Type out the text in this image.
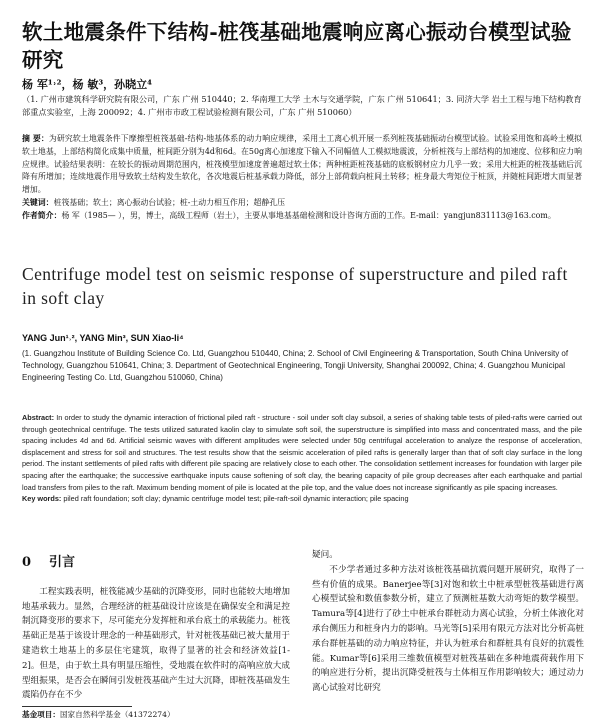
软土地震条件下结构-桩筏基础地震响应离心振动台模型试验研究
杨 军¹˒²，杨 敏³，孙晓立⁴
（1. 广州市建筑科学研究院有限公司，广东 广州 510440；2. 华南理工大学 土木与交通学院，广东 广州 510641；3. 同济大学 岩土工程与地下结构教育部重点实验室，上海 200092；4. 广州市市政工程试验检测有限公司，广东 广州 510060）
摘 要：为研究软土地震条件下摩擦型桩筏基础-结构-地基体系的动力响应规律，采用土工离心机开展一系列桩筏基础振动台模型试验。试验采用饱和高岭土模拟软土地基，上部结构简化成集中质量，桩间距分别为4d和6d。在50g离心加速度下输入不同幅值人工模拟地震波，分析桩筏与上部结构的加速度、位移和应力响应规律。试验结果表明：在较长的振动周期范围内，桩筏模型加速度普遍超过软土体；两种桩距桩筏基础的底板钢材应力几乎一致；采用大桩距的桩筏基础后沉降有所增加；连续地震作用导致软土结构发生软化，各次地震后桩基承载力降低，部分上部荷载向桩间土转移；桩身最大弯矩位于桩顶，并随桩间距增大而显著增加。
关键词：桩筏基础；软土；离心振动台试验；桩-土动力相互作用；超静孔压
作者简介：杨 军（1985— ），男，博士，高级工程师（岩土），主要从事地基基础检测和设计咨询方面的工作。E-mail：yangjun831113@163.com。
Centrifuge model test on seismic response of superstructure and piled raft in soft clay
YANG Jun¹˒², YANG Min³, SUN Xiao-li⁴
(1. Guangzhou Institute of Building Science Co. Ltd, Guangzhou 510440, China; 2. School of Civil Engineering & Transportation, South China University of Technology, Guangzhou 510641, China; 3. Department of Geotechnical Engineering, Tongji University, Shanghai 200092, China; 4. Guangzhou Municipal Engineering Testing Co. Ltd, Guangzhou 510060, China)
Abstract: In order to study the dynamic interaction of frictional piled raft - structure - soil under soft clay subsoil, a series of shaking table tests of piled-rafts were carried out through geotechnical centrifuge. The tests utilized saturated kaolin clay to simulate soft soil, the superstructure is simplified into mass and concentrated mass, and the pile spacing includes 4d and 6d. Artificial seismic waves with different amplitudes were selected under 50g centrifugal acceleration to analyze the response of acceleration, displacement and stress for soil and structures. The test results show that the seismic acceleration of piled rafts is generally larger than that of soft clay surface in the long period. The instant settlements of piled rafts with different pile spacing are relatively close to each other. The consolidation settlement increases for foundation with larger pile spacing after the earthquake; the successive earthquake inputs cause softening of soft clay, the bearing capacity of pile group decreases after each earthquake and partial load transfers from piles to the raft. Maximum bending moment of pile is located at the pile top, and the value does not increase significantly as pile spacing increases.
Key words: piled raft foundation; soft clay; dynamic centrifuge model test; pile-raft-soil dynamic interaction; pile spacing
0 引言
工程实践表明，桩筏能减少基础的沉降变形，同时也能较大地增加地基承载力。显然，合理经济的桩基础设计应该是在确保安全和满足控制沉降变形的要求下，尽可能充分发挥桩和承台底土的承载能力。桩筏基础正是基于该设计理念的一种基础形式，针对桩筏基础已被大量用于建造软土地基上的多层住宅建筑，取得了显著的社会和经济效益[1-2]。但是，由于软土具有明显压缩性，受地震在软件时的高响应放大成型组振果，是否会在瞬间引发桩筏基础产生过大沉降，即桩筏基础发生震陷仍存在不少
疑问。
不少学者通过多种方法对该桩筏基础抗震问题开展研究，取得了一些有价值的成果。Banerjee等[3]对饱和软土中桩承型桩筏基础进行离心模型试验和数值参数分析，建立了预测桩基数大动弯矩的数学模型。Tamura等[4]进行了砂土中桩承台群桩动力离心试验，分析土体液化对承台侧压力和桩身内力的影响。马光等[5]采用有限元方法对比分析高桩承台群桩基础的动力响应特征，并认为桩承台和群桩具有良好的抗震性能。Kumar等[6]采用三维数值模型对桩筏基础在多种地震荷载作用下的响应进行分析，提出沉降受桩筏与土体相互作用影响较大；通过动力离心试验对比研究
基金项目：国家自然科学基金（41372274）
